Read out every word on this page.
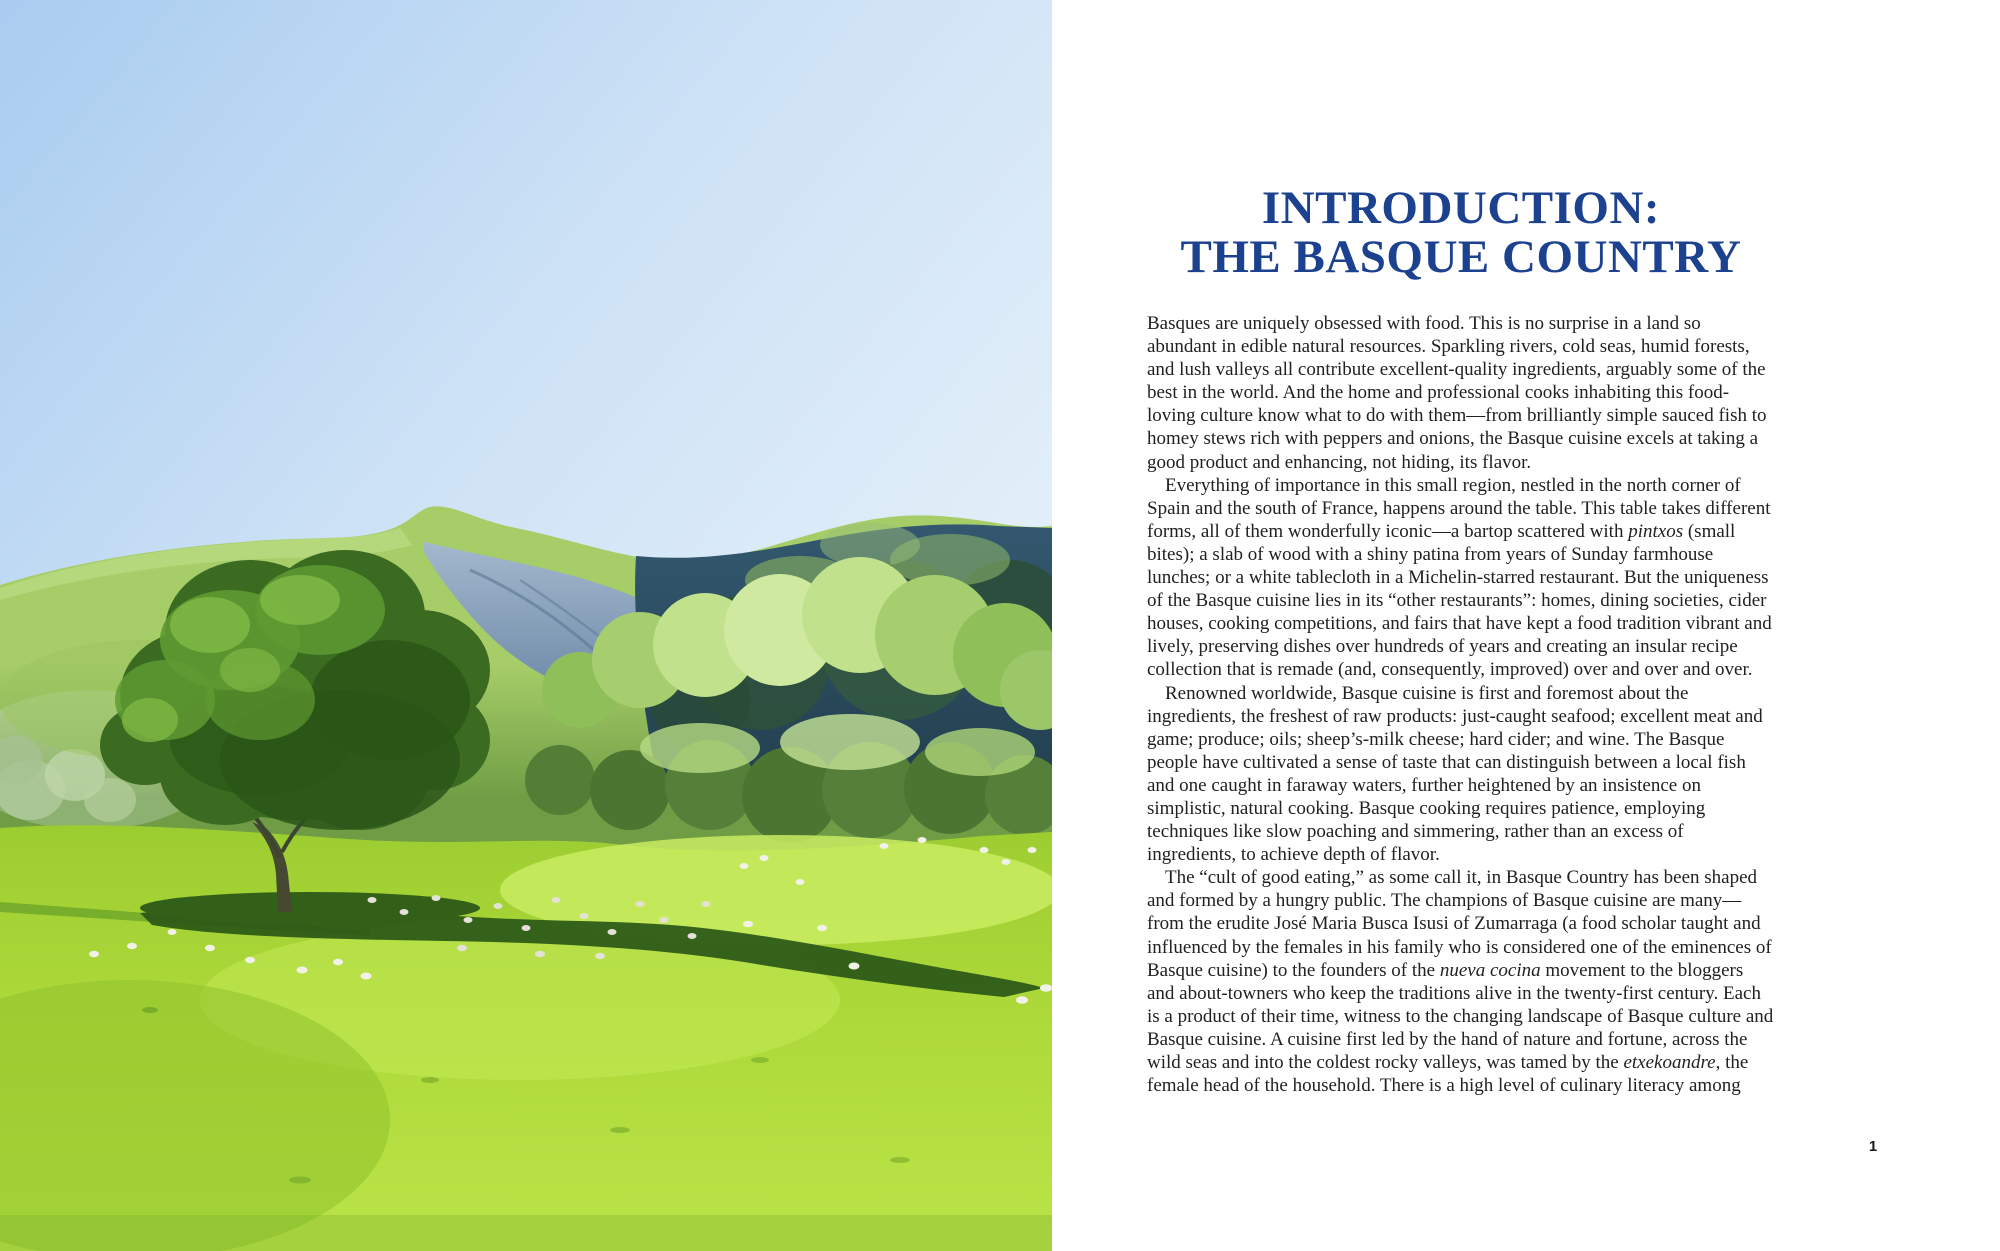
INTRODUCTION:
THE BASQUE COUNTRY

Basques are uniquely obsessed with food. This is no surprise in a land so abundant in edible natural resources. Sparkling rivers, cold seas, humid forests, and lush valleys all contribute excellent-quality ingredients, arguably some of the best in the world. And the home and professional cooks inhabiting this food-loving culture know what to do with them—from brilliantly simple sauced fish to homey stews rich with peppers and onions, the Basque cuisine excels at taking a good product and enhancing, not hiding, its flavor.

Everything of importance in this small region, nestled in the north corner of Spain and the south of France, happens around the table. This table takes different forms, all of them wonderfully iconic—a bartop scattered with pintxos (small bites); a slab of wood with a shiny patina from years of Sunday farmhouse lunches; or a white tablecloth in a Michelin-starred restaurant. But the uniqueness of the Basque cuisine lies in its “other restaurants”: homes, dining societies, cider houses, cooking competitions, and fairs that have kept a food tradition vibrant and lively, preserving dishes over hundreds of years and creating an insular recipe collection that is remade (and, consequently, improved) over and over and over.

Renowned worldwide, Basque cuisine is first and foremost about the ingredients, the freshest of raw products: just-caught seafood; excellent meat and game; produce; oils; sheep’s-milk cheese; hard cider; and wine. The Basque people have cultivated a sense of taste that can distinguish between a local fish and one caught in faraway waters, further heightened by an insistence on simplistic, natural cooking. Basque cooking requires patience, employing techniques like slow poaching and simmering, rather than an excess of ingredients, to achieve depth of flavor.

The “cult of good eating,” as some call it, in Basque Country has been shaped and formed by a hungry public. The champions of Basque cuisine are many—from the erudite José Maria Busca Isusi of Zumarraga (a food scholar taught and influenced by the females in his family who is considered one of the eminences of Basque cuisine) to the founders of the nueva cocina movement to the bloggers and about-towners who keep the traditions alive in the twenty-first century. Each is a product of their time, witness to the changing landscape of Basque culture and Basque cuisine. A cuisine first led by the hand of nature and fortune, across the wild seas and into the coldest rocky valleys, was tamed by the etxekoandre, the female head of the household. There is a high level of culinary literacy among

1
